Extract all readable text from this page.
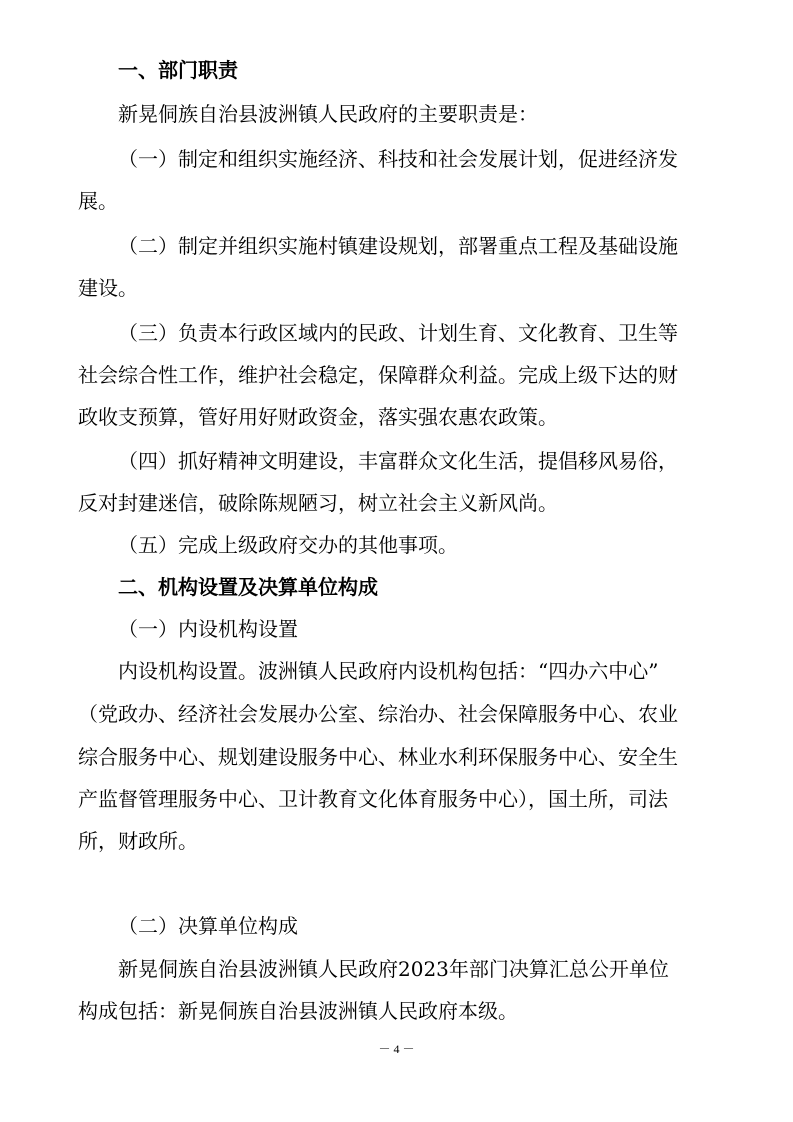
一、部门职责
新晃侗族自治县波洲镇人民政府的主要职责是：
（一）制定和组织实施经济、科技和社会发展计划，促进经济发
展。
（二）制定并组织实施村镇建设规划，部署重点工程及基础设施
建设。
（三）负责本行政区域内的民政、计划生育、文化教育、卫生等
社会综合性工作，维护社会稳定，保障群众利益。完成上级下达的财
政收支预算，管好用好财政资金，落实强农惠农政策。
（四）抓好精神文明建设，丰富群众文化生活，提倡移风易俗，
反对封建迷信，破除陈规陋习，树立社会主义新风尚。
（五）完成上级政府交办的其他事项。
二、机构设置及决算单位构成
（一）内设机构设置
内设机构设置。波洲镇人民政府内设机构包括：“四办六中心”
（党政办、经济社会发展办公室、综治办、社会保障服务中心、农业
综合服务中心、规划建设服务中心、林业水利环保服务中心、安全生
产监督管理服务中心、卫计教育文化体育服务中心），国土所，司法
所，财政所。
（二）决算单位构成
新晃侗族自治县波洲镇人民政府2023年部门决算汇总公开单位
构成包括：新晃侗族自治县波洲镇人民政府本级。
－ 4 －
